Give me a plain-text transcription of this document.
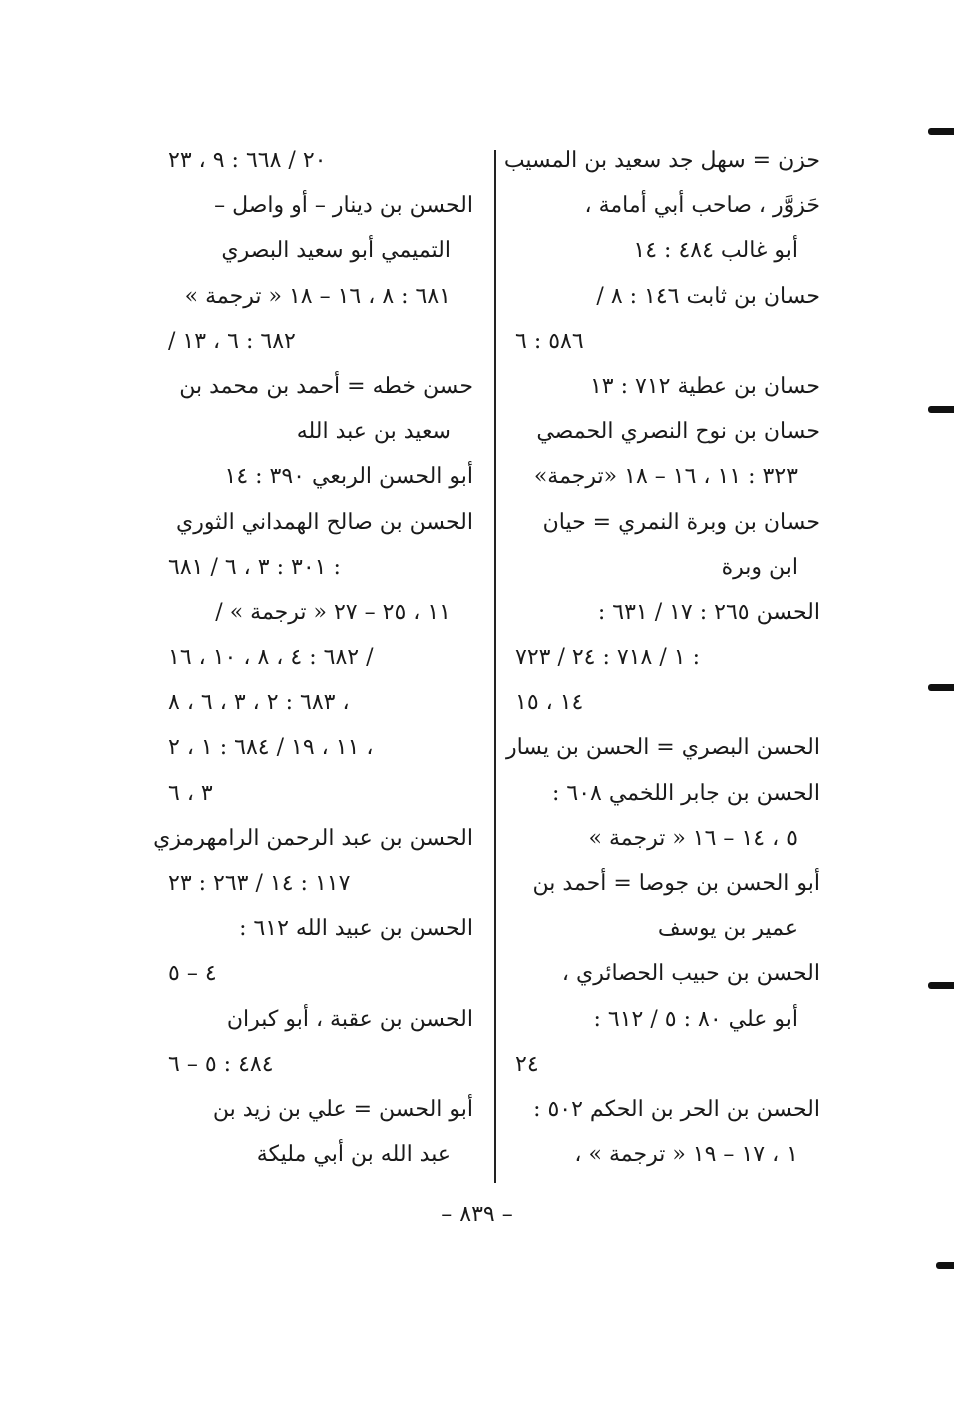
حزن = سهل جد سعيد بن المسيب
حَزوَّر ، صاحب أبي أمامة ،
أبو غالب ٤٨٤ : ١٤
حسان بن ثابت ١٤٦ : ٨ /
٥٨٦ : ٦
حسان بن عطية ٧١٢ : ١٣
حسان بن نوح النصري الحمصي
٣٢٣ : ١١ ، ١٦ – ١٨ «ترجمة»
حسان بن وبرة النمري = حيان
ابن وبرة
الحسن ٢٦٥ : ١٧ / ٦٣١ :
١ / ٧١٨ : ٢٤ / ٧٢٣ :
١٤ ، ١٥
الحسن البصري = الحسن بن يسار
الحسن بن جابر اللخمي ٦٠٨ :
٥ ، ١٤ – ١٦ « ترجمة »
أبو الحسن بن جوصا = أحمد بن
عمير بن يوسف
الحسن بن حبيب الحصائري ،
أبو علي ٨٠ : ٥ / ٦١٢ :
٢٤
الحسن بن الحر بن الحكم ٥٠٢ :
١ ، ١٧ – ١٩ « ترجمة » ،
٢٠ / ٦٦٨ : ٩ ، ٢٣
الحسن بن دينار – أو واصل –
التميمي أبو سعيد البصري
٦٨١ : ٨ ، ١٦ – ١٨ « ترجمة »
/ ٦٨٢ : ٦ ، ١٣
حسن خطه = أحمد بن محمد بن
سعيد بن عبد الله
أبو الحسن الربعي ٣٩٠ : ١٤
الحسن بن صالح الهمداني الثوري
٣٠١ : ٣ ، ٦ / ٦٨١ :
١١ ، ٢٥ – ٢٧ « ترجمة » /
٦٨٢ : ٤ ، ٨ ، ١٠ ، ١٦ /
٦٨٣ : ٢ ، ٣ ، ٦ ، ٨ ،
١١ ، ١٩ / ٦٨٤ : ١ ، ٢ ،
٣ ، ٦
الحسن بن عبد الرحمن الرامهرمزي
١١٧ : ١٤ / ٢٦٣ : ٢٣
الحسن بن عبيد الله ٦١٢ :
٤ – ٥
الحسن بن عقبة ، أبو كبران
٤٨٤ : ٥ – ٦
أبو الحسن = علي بن زيد بن
عبد الله بن أبي مليكة
– ٨٣٩ –
